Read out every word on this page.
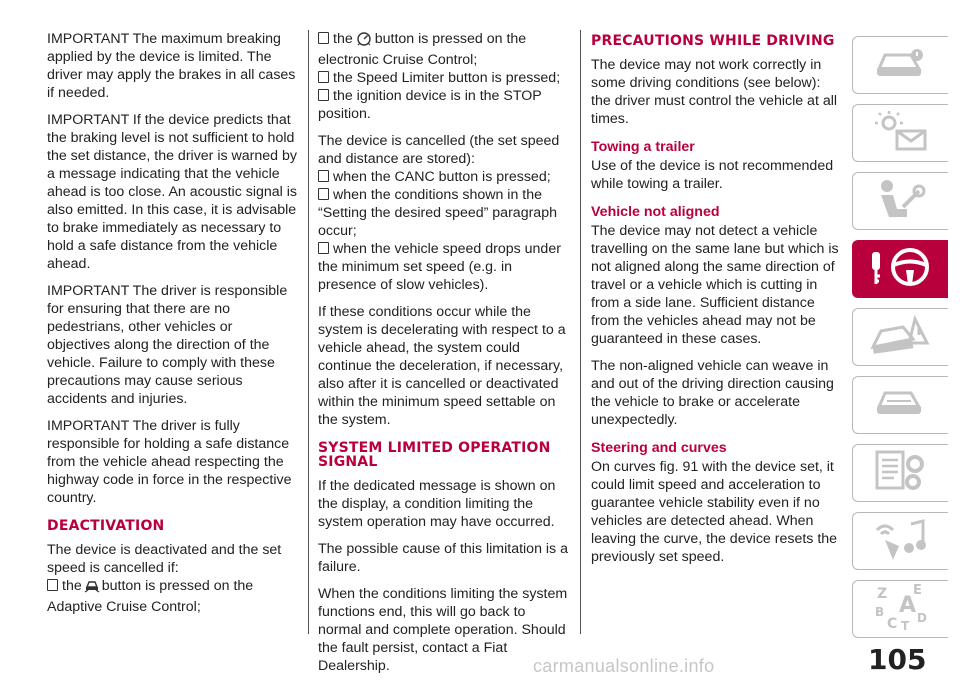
IMPORTANT The maximum breaking applied by the device is limited. The driver may apply the brakes in all cases if needed.

IMPORTANT If the device predicts that the braking level is not sufficient to hold the set distance, the driver is warned by a message indicating that the vehicle ahead is too close. An acoustic signal is also emitted. In this case, it is advisable to brake immediately as necessary to hold a safe distance from the vehicle ahead.

IMPORTANT The driver is responsible for ensuring that there are no pedestrians, other vehicles or objectives along the direction of the vehicle. Failure to comply with these precautions may cause serious accidents and injuries.

IMPORTANT The driver is fully responsible for holding a safe distance from the vehicle ahead respecting the highway code in force in the respective country.

DEACTIVATION

The device is deactivated and the set speed is cancelled if:

the button is pressed on the Adaptive Cruise Control;

the button is pressed on the electronic Cruise Control;

the Speed Limiter button is pressed;

the ignition device is in the STOP position.

The device is cancelled (the set speed and distance are stored):

when the CANC button is pressed;

when the conditions shown in the “Setting the desired speed” paragraph occur;

when the vehicle speed drops under the minimum set speed (e.g. in presence of slow vehicles).

If these conditions occur while the system is decelerating with respect to a vehicle ahead, the system could continue the deceleration, if necessary, also after it is cancelled or deactivated within the minimum speed settable on the system.

SYSTEM LIMITED OPERATION SIGNAL

If the dedicated message is shown on the display, a condition limiting the system operation may have occurred.

The possible cause of this limitation is a failure.

When the conditions limiting the system functions end, this will go back to normal and complete operation. Should the fault persist, contact a Fiat Dealership.

PRECAUTIONS WHILE DRIVING

The device may not work correctly in some driving conditions (see below): the driver must control the vehicle at all times.

Towing a trailer

Use of the device is not recommended while towing a trailer.

Vehicle not aligned

The device may not detect a vehicle travelling on the same lane but which is not aligned along the same direction of travel or a vehicle which is cutting in from a side lane. Sufficient distance from the vehicles ahead may not be guaranteed in these cases.

The non-aligned vehicle can weave in and out of the driving direction causing the vehicle to brake or accelerate unexpectedly.

Steering and curves

On curves fig. 91 with the device set, it could limit speed and acceleration to guarantee vehicle stability even if no vehicles are detected ahead. When leaving the curve, the device resets the previously set speed.

Z E
A
B
C D
T
105
carmanualsonline.info
